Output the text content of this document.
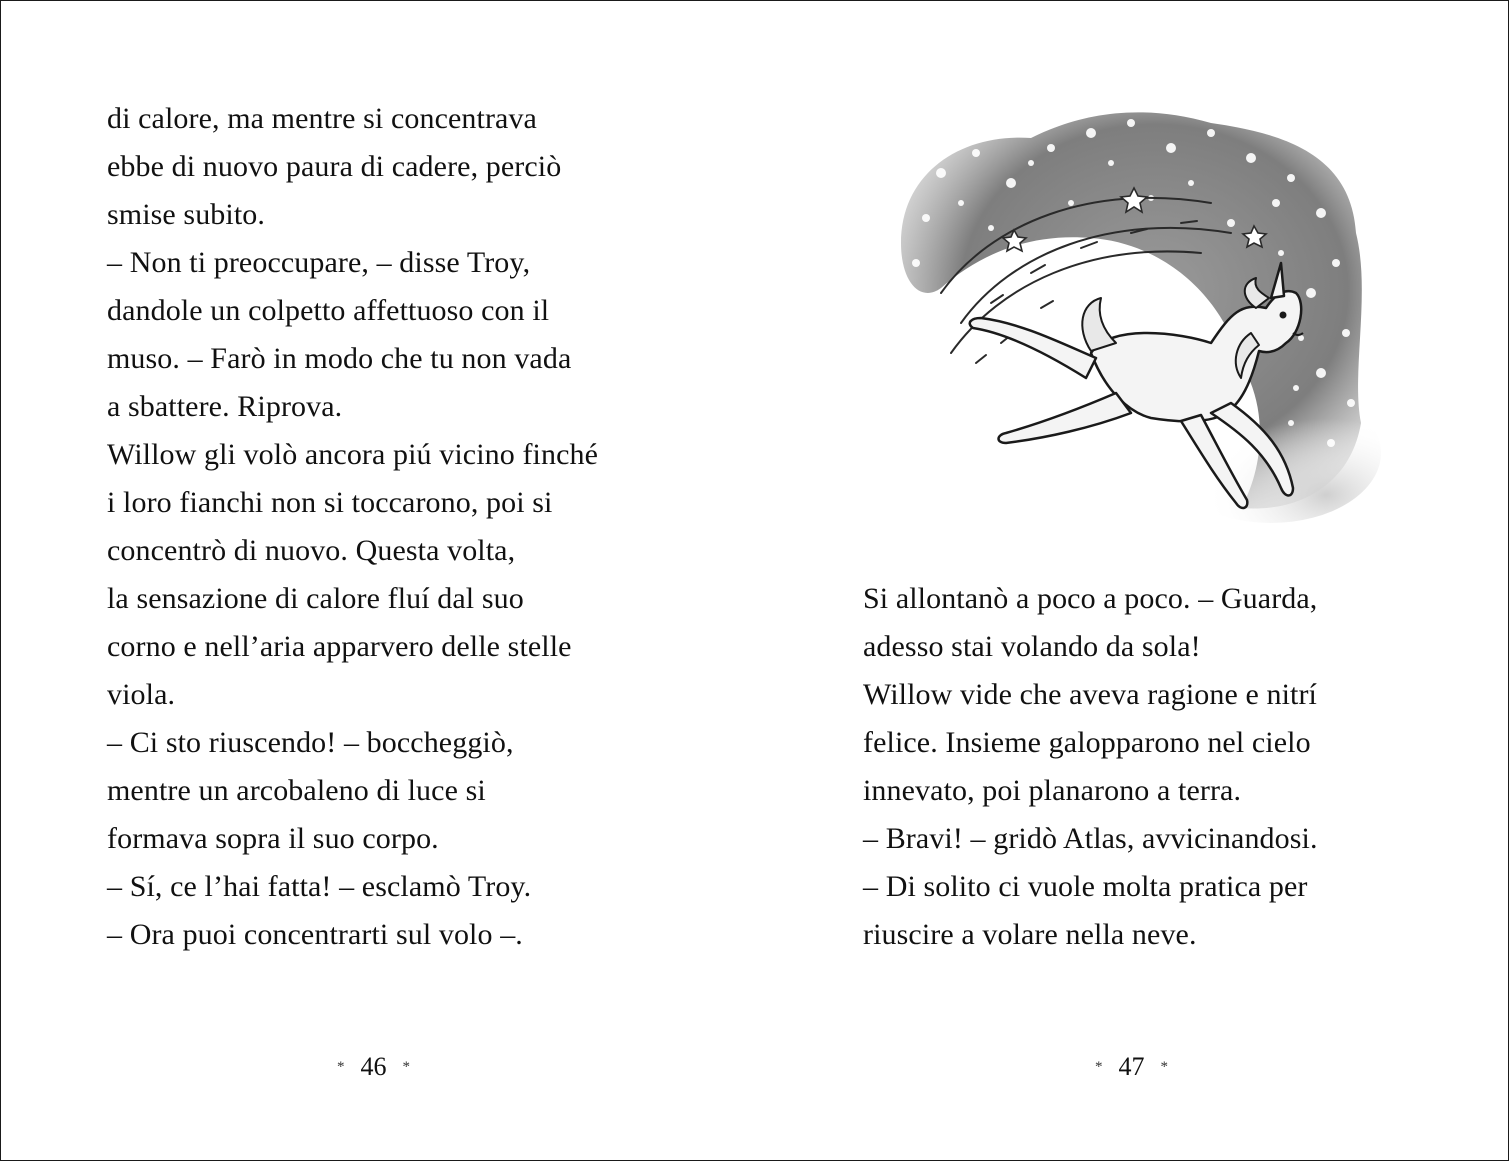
di calore, ma mentre si concentrava
ebbe di nuovo paura di cadere, perciò
smise subito.
– Non ti preoccupare, – disse Troy,
dandole un colpetto affettuoso con il
muso. – Farò in modo che tu non vada
a sbattere. Riprova.
Willow gli volò ancora piú vicino finché
i loro fianchi non si toccarono, poi si
concentrò di nuovo. Questa volta,
la sensazione di calore fluí dal suo
corno e nell’aria apparvero delle stelle
viola.
– Ci sto riuscendo! – boccheggiò,
mentre un arcobaleno di luce si
formava sopra il suo corpo.
– Sí, ce l’hai fatta! – esclamò Troy.
– Ora puoi concentrarti sul volo –.
* 46 *
Si allontanò a poco a poco. – Guarda,
adesso stai volando da sola!
Willow vide che aveva ragione e nitrí
felice. Insieme galopparono nel cielo
innevato, poi planarono a terra.
– Bravi! – gridò Atlas, avvicinandosi.
– Di solito ci vuole molta pratica per
riuscire a volare nella neve.
* 47 *
